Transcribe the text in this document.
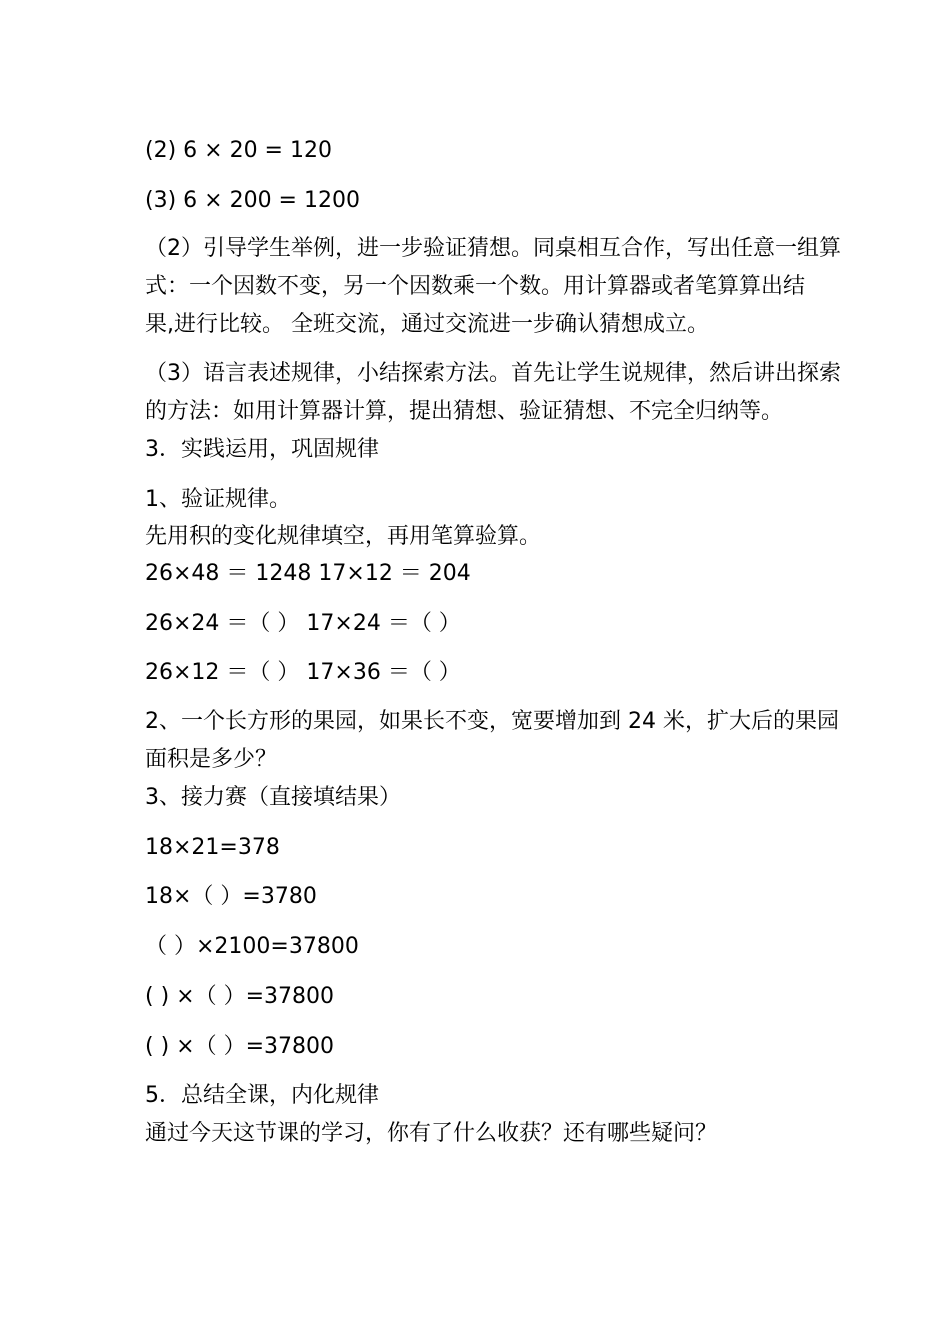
(2) 6 × 20 = 120
(3) 6 × 200 = 1200
（2）引导学生举例，进一步验证猜想。同桌相互合作，写出任意一组算
式：一个因数不变，另一个因数乘一个数。用计算器或者笔算算出结
果,进行比较。 全班交流，通过交流进一步确认猜想成立。
（3）语言表述规律，小结探索方法。首先让学生说规律，然后讲出探索
的方法：如用计算器计算，提出猜想、验证猜想、不完全归纳等。
3．实践运用，巩固规律
1、验证规律。
先用积的变化规律填空，再用笔算验算。
26×48 ＝ 1248 17×12 ＝ 204
26×24 ＝（ ） 17×24 ＝（ ）
26×12 ＝（ ） 17×36 ＝（ ）
2、一个长方形的果园，如果长不变，宽要增加到 24 米，扩大后的果园
面积是多少？
3、接力赛（直接填结果）
18×21=378
18×（ ）=3780
（ ）×2100=37800
( ) ×（ ）=37800
( ) ×（ ）=37800
5．总结全课，内化规律
通过今天这节课的学习，你有了什么收获？还有哪些疑问？
